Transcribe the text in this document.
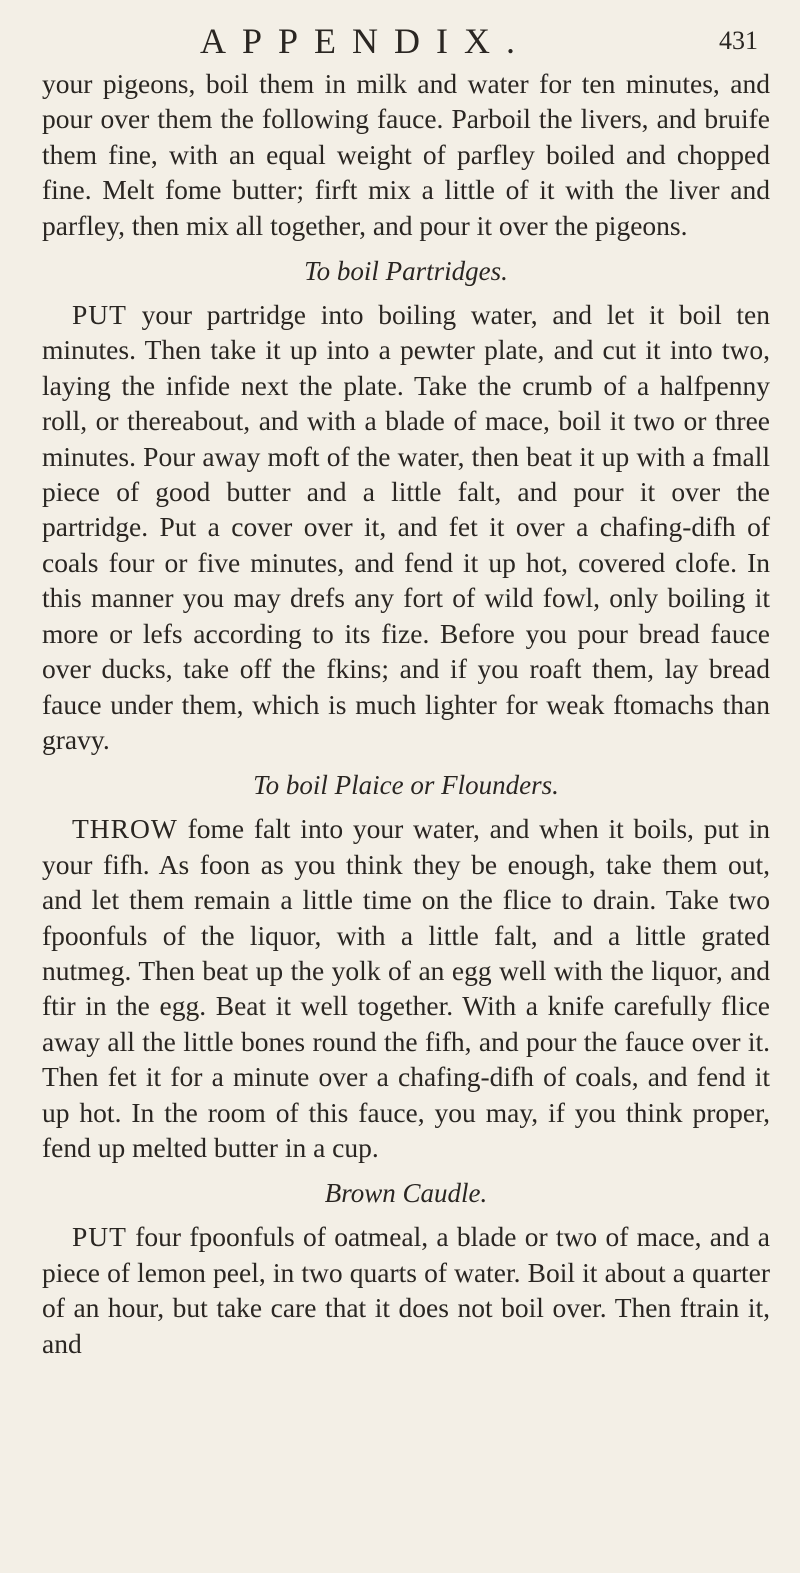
APPENDIX.	431

your pigeons, boil them in milk and water for ten minutes, and pour over them the following fauce. Parboil the livers, and bruife them fine, with an equal weight of parfley boiled and chopped fine. Melt fome butter; firft mix a little of it with the liver and parfley, then mix all together, and pour it over the pigeons.

To boil Partridges.

PUT your partridge into boiling water, and let it boil ten minutes. Then take it up into a pewter plate, and cut it into two, laying the infide next the plate. Take the crumb of a halfpenny roll, or thereabout, and with a blade of mace, boil it two or three minutes. Pour away moft of the water, then beat it up with a fmall piece of good butter and a little falt, and pour it over the partridge. Put a cover over it, and fet it over a chafing-difh of coals four or five minutes, and fend it up hot, covered clofe. In this manner you may drefs any fort of wild fowl, only boiling it more or lefs according to its fize. Before you pour bread fauce over ducks, take off the fkins; and if you roaft them, lay bread fauce under them, which is much lighter for weak ftomachs than gravy.

To boil Plaice or Flounders.

THROW fome falt into your water, and when it boils, put in your fifh. As foon as you think they be enough, take them out, and let them remain a little time on the flice to drain. Take two fpoonfuls of the liquor, with a little falt, and a little grated nutmeg. Then beat up the yolk of an egg well with the liquor, and ftir in the egg. Beat it well together. With a knife carefully flice away all the little bones round the fifh, and pour the fauce over it. Then fet it for a minute over a chafing-difh of coals, and fend it up hot. In the room of this fauce, you may, if you think proper, fend up melted butter in a cup.

Brown Caudle.

PUT four fpoonfuls of oatmeal, a blade or two of mace, and a piece of lemon peel, in two quarts of water. Boil it about a quarter of an hour, but take care that it does not boil over. Then ftrain it, and
